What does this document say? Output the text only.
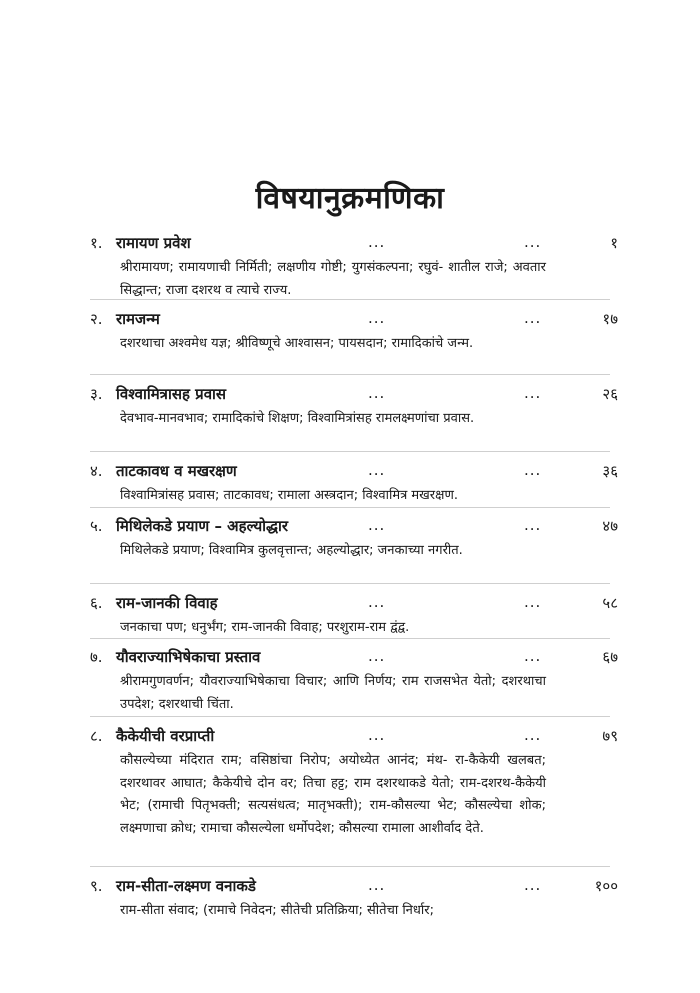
विषयानुक्रमणिका
१. रामायण प्रवेश	...	...	१
श्रीरामायण; रामायणाची निर्मिती; लक्षणीय गोष्टी; युगसंकल्पना; रघुवं- शातील राजे; अवतार सिद्धान्त; राजा दशरथ व त्याचे राज्य.
२. रामजन्म	...	...	१७
दशरथाचा अश्वमेध यज्ञ; श्रीविष्णूचे आश्वासन; पायसदान; रामादिकांचे जन्म.
३. विश्वामित्रासह प्रवास	...	...	२६
देवभाव-मानवभाव; रामादिकांचे शिक्षण; विश्वामित्रांसह रामलक्ष्मणांचा प्रवास.
४. ताटकावध व मखरक्षण	...	...	३६
विश्वामित्रांसह प्रवास; ताटकावध; रामाला अस्त्रदान; विश्वामित्र मखरक्षण.
५. मिथिलेकडे प्रयाण – अहल्योद्धार	...	...	४७
मिथिलेकडे प्रयाण; विश्वामित्र कुलवृत्तान्त; अहल्योद्धार; जनकाच्या नगरीत.
६. राम-जानकी विवाह	...	...	५८
जनकाचा पण; धनुर्भंग; राम-जानकी विवाह; परशुराम-राम द्वंद्व.
७. यौवराज्याभिषेकाचा प्रस्ताव	...	...	६७
श्रीरामगुणवर्णन; यौवराज्याभिषेकाचा विचार; आणि निर्णय; राम राजसभेत येतो; दशरथाचा उपदेश; दशरथाची चिंता.
८. कैकेयीची वरप्राप्ती	...	...	७९
कौसल्येच्या मंदिरात राम; वसिष्ठांचा निरोप; अयोध्येत आनंद; मंथ- रा-कैकेयी खलबत; दशरथावर आघात; कैकेयीचे दोन वर; तिचा हट्ट; राम दशरथाकडे येतो; राम-दशरथ-कैकेयी भेट; (रामाची पितृभक्ती; सत्यसंधत्व; मातृभक्ती); राम-कौसल्या भेट; कौसल्येचा शोक; लक्ष्मणाचा क्रोध; रामाचा कौसल्येला धर्मोपदेश; कौसल्या रामाला आशीर्वाद देते.
९. राम-सीता-लक्ष्मण वनाकडे	...	...	१००
राम-सीता संवाद; (रामाचे निवेदन; सीतेची प्रतिक्रिया; सीतेचा निर्धार;
